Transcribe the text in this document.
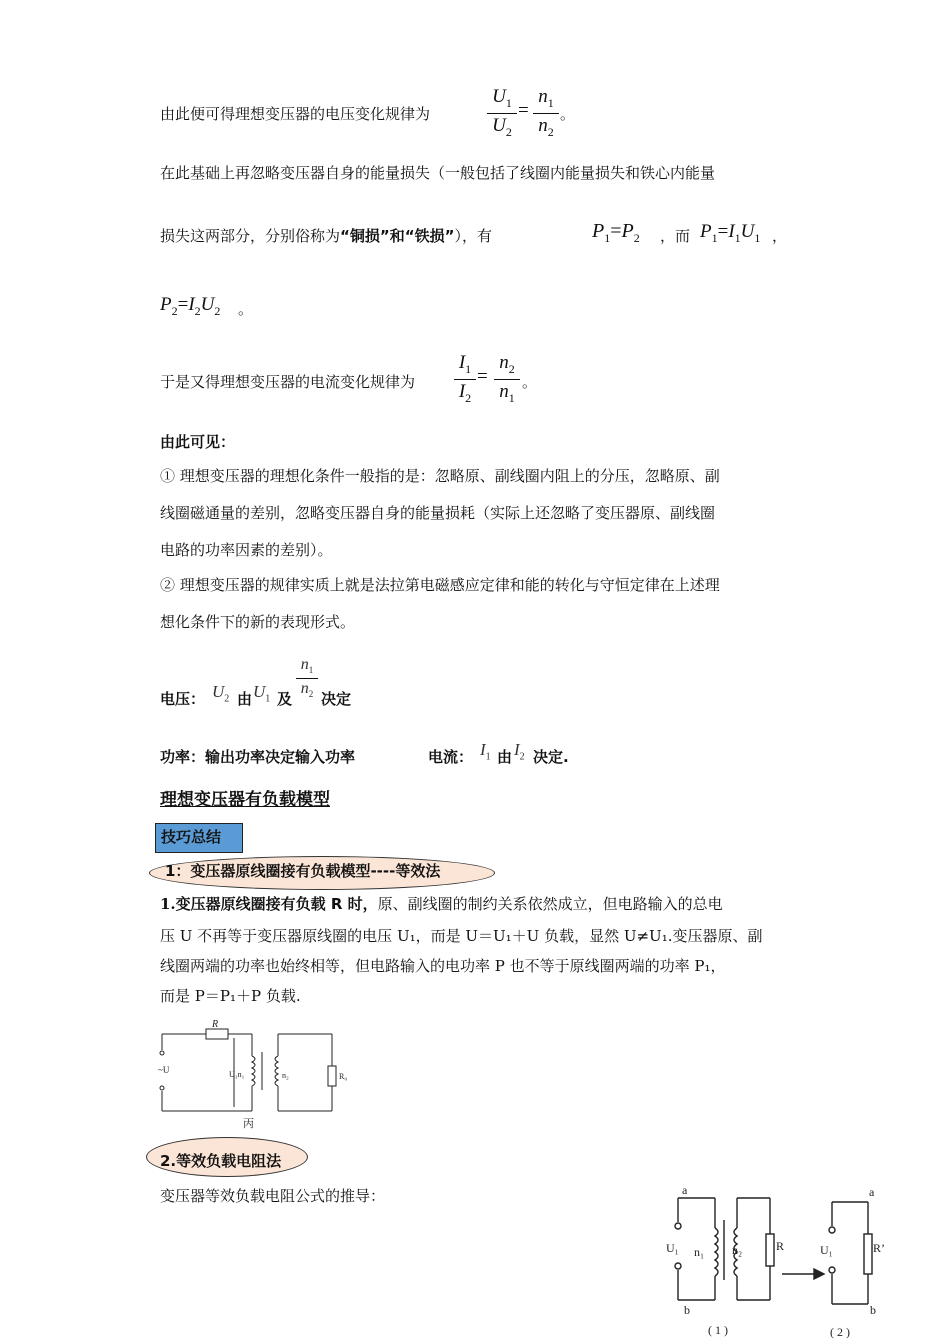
由此便可得理想变压器的电压变化规律为
$U_1$
$U_2$
=
$n_1$
$n_2$
。
在此基础上再忽略变压器自身的能量损失（一般包括了线圈内能量损失和铁心内能量
损失这两部分，分别俗称为“铜损”和“铁损”），有	$P_1=P_2$ ，而 $P_1=I_1U_1$ ，
$P_2=I_2U_2$ 。
于是又得理想变压器的电流变化规律为
$I_1$
$I_2$
=
$n_2$
$n_1$
。
由此可见：
① 理想变压器的理想化条件一般指的是：忽略原、副线圈内阻上的分压，忽略原、副
线圈磁通量的差别，忽略变压器自身的能量损耗（实际上还忽略了变压器原、副线圈
电路的功率因素的差别）。
② 理想变压器的规律实质上就是法拉第电磁感应定律和能的转化与守恒定律在上述理
想化条件下的新的表现形式。
电压： $U_2$ 由 $U_1$ 及
$n_1$
$n_2$ 决定
功率：输出功率决定输入功率	电流： $I_1$ 由 $I_2$ 决定.
理想变压器有负载模型
技巧总结
1：变压器原线圈接有负载模型----等效法
1.变压器原线圈接有负载 R 时，原、副线圈的制约关系依然成立，但电路输入的总电
压 U 不再等于变压器原线圈的电压 U₁，而是 U＝U₁＋U 负载，显然 U≠U₁.变压器原、副
线圈两端的功率也始终相等，但电路输入的电功率 P 也不等于原线圈两端的功率 P₁，
而是 P＝P₁＋P 负载.
R
~U	U₁n₁	n₂	R₀
丙
2.等效负载电阻法
变压器等效负载电阻公式的推导：	a
U₁ n₁ n₂	R
b
a
U₁	R’
b
( 1 )	( 2 )
